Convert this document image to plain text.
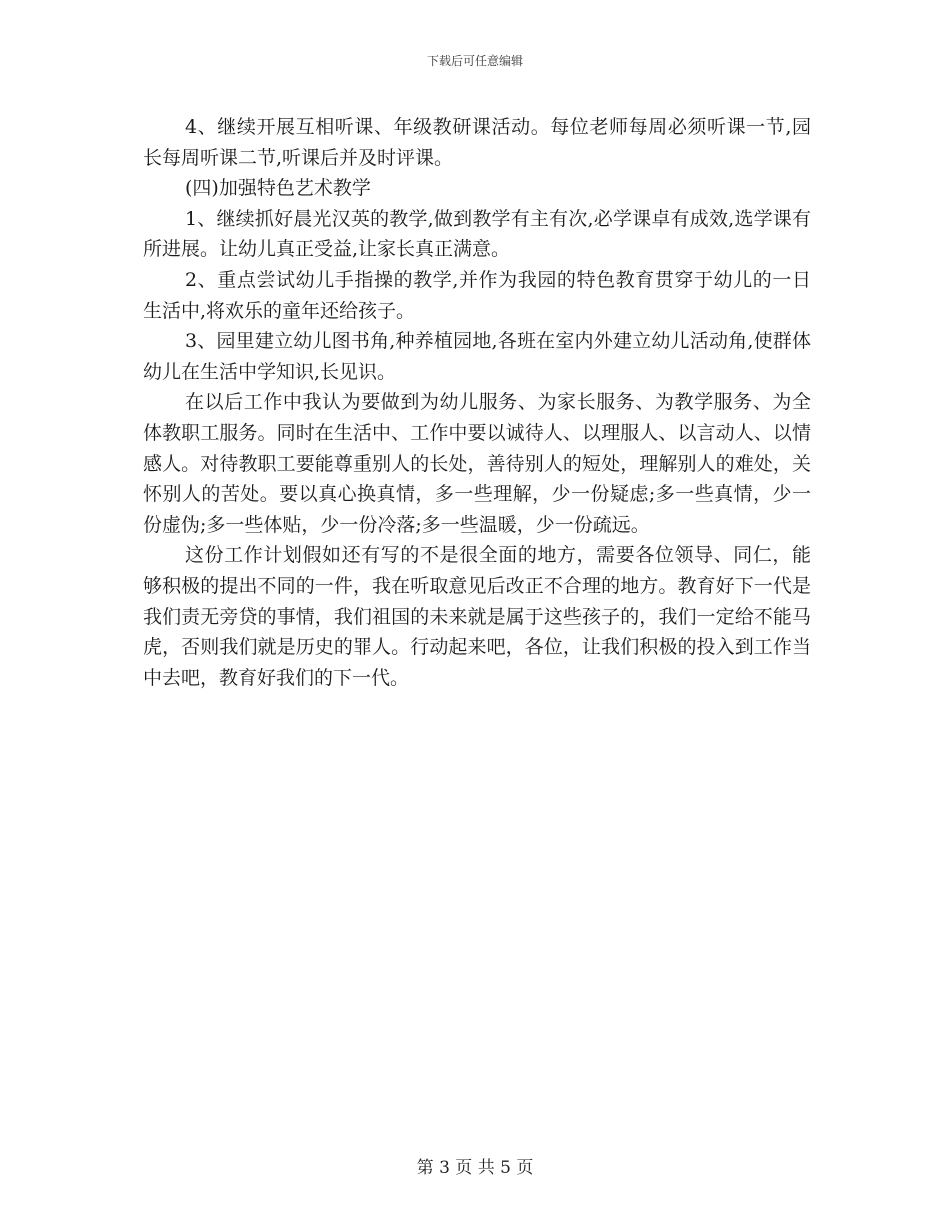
下载后可任意编辑

4、继续开展互相听课、年级教研课活动。每位老师每周必须听课一节,园长每周听课二节,听课后并及时评课。

(四)加强特色艺术教学

1、继续抓好晨光汉英的教学,做到教学有主有次,必学课卓有成效,选学课有所进展。让幼儿真正受益,让家长真正满意。

2、重点尝试幼儿手指操的教学,并作为我园的特色教育贯穿于幼儿的一日生活中,将欢乐的童年还给孩子。

3、园里建立幼儿图书角,种养植园地,各班在室内外建立幼儿活动角,使群体幼儿在生活中学知识,长见识。

在以后工作中我认为要做到为幼儿服务、为家长服务、为教学服务、为全体教职工服务。同时在生活中、工作中要以诚待人、以理服人、以言动人、以情感人。对待教职工要能尊重别人的长处，善待别人的短处，理解别人的难处，关怀别人的苦处。要以真心换真情，多一些理解，少一份疑虑;多一些真情，少一份虚伪;多一些体贴，少一份冷落;多一些温暖，少一份疏远。

这份工作计划假如还有写的不是很全面的地方，需要各位领导、同仁，能够积极的提出不同的一件，我在听取意见后改正不合理的地方。教育好下一代是我们责无旁贷的事情，我们祖国的未来就是属于这些孩子的，我们一定给不能马虎，否则我们就是历史的罪人。行动起来吧，各位，让我们积极的投入到工作当中去吧，教育好我们的下一代。

第 3 页 共 5 页
